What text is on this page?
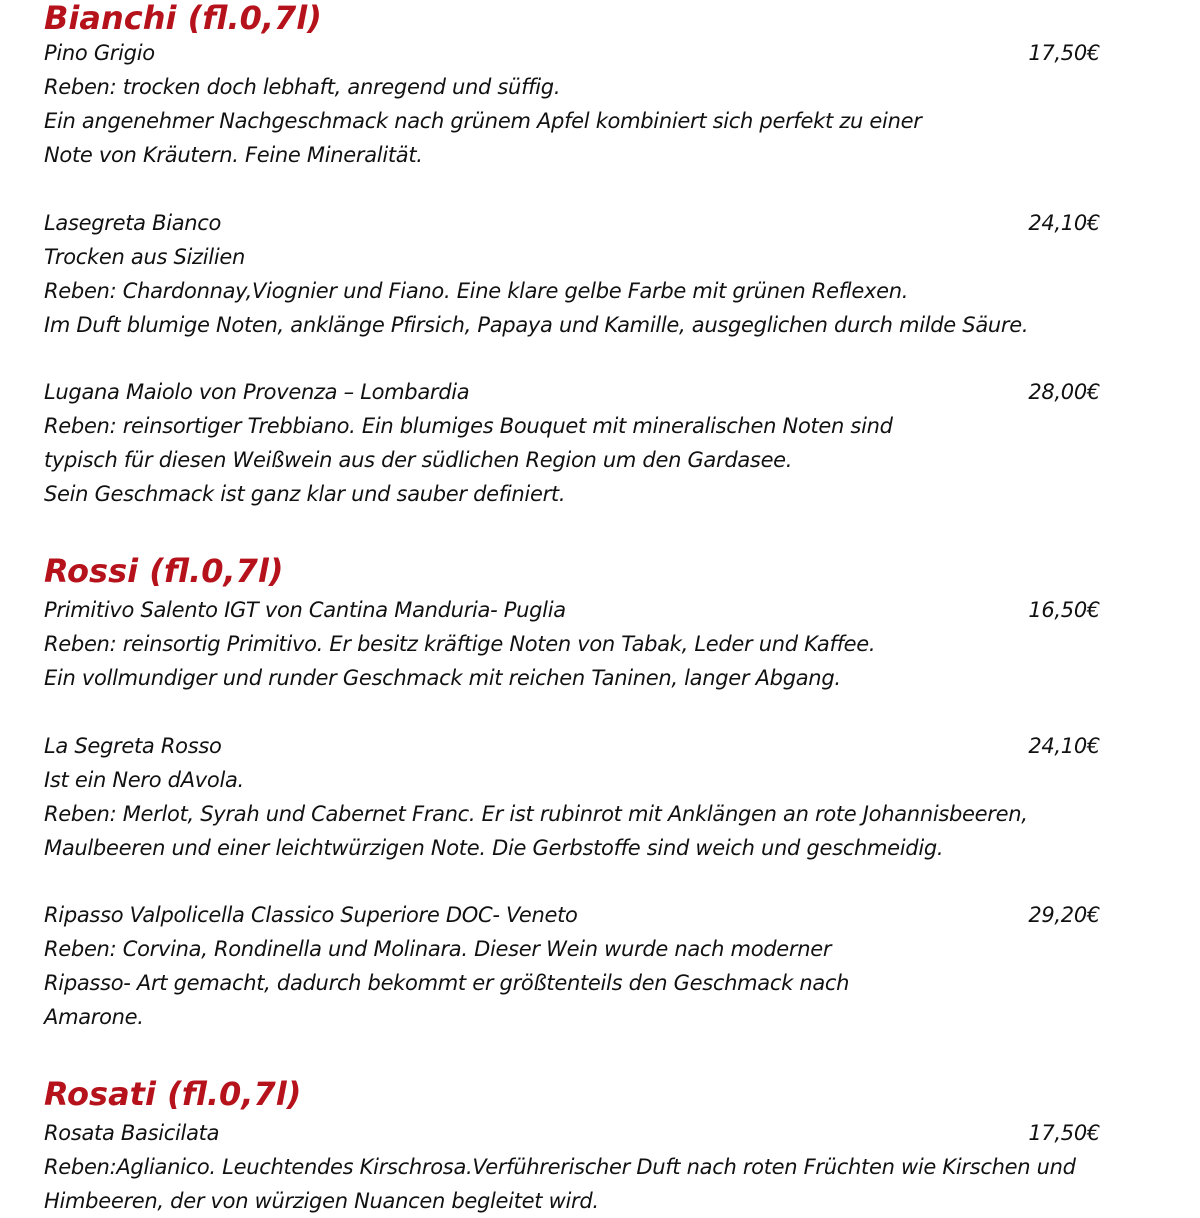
Bianchi (fl.0,7l)
Pino Grigio	17,50€
Reben: trocken doch lebhaft, anregend und süffig.
Ein angenehmer Nachgeschmack nach grünem Apfel kombiniert sich perfekt zu einer
Note von Kräutern. Feine Mineralität.
Lasegreta Bianco	24,10€
Trocken aus Sizilien
Reben: Chardonnay,Viognier und Fiano. Eine klare gelbe Farbe mit grünen Reflexen.
Im Duft blumige Noten, anklänge Pfirsich, Papaya und Kamille, ausgeglichen durch milde Säure.
Lugana Maiolo von Provenza – Lombardia	28,00€
Reben: reinsortiger Trebbiano. Ein blumiges Bouquet mit mineralischen Noten sind
typisch für diesen Weißwein aus der südlichen Region um den Gardasee.
Sein Geschmack ist ganz klar und sauber definiert.
Rossi (fl.0,7l)
Primitivo Salento IGT von Cantina Manduria- Puglia	16,50€
Reben: reinsortig Primitivo. Er besitz kräftige Noten von Tabak, Leder und Kaffee.
Ein vollmundiger und runder Geschmack mit reichen Taninen, langer Abgang.
La Segreta Rosso	24,10€
Ist ein Nero dAvola.
Reben: Merlot, Syrah und Cabernet Franc. Er ist rubinrot mit Anklängen an rote Johannisbeeren,
Maulbeeren und einer leichtwürzigen Note. Die Gerbstoffe sind weich und geschmeidig.
Ripasso Valpolicella Classico Superiore DOC- Veneto	29,20€
Reben: Corvina, Rondinella und Molinara. Dieser Wein wurde nach moderner
Ripasso- Art gemacht, dadurch bekommt er größtenteils den Geschmack nach
Amarone.
Rosati (fl.0,7l)
Rosata Basicilata	17,50€
Reben:Aglianico. Leuchtendes Kirschrosa.Verführerischer Duft nach roten Früchten wie Kirschen und
Himbeeren, der von würzigen Nuancen begleitet wird.
